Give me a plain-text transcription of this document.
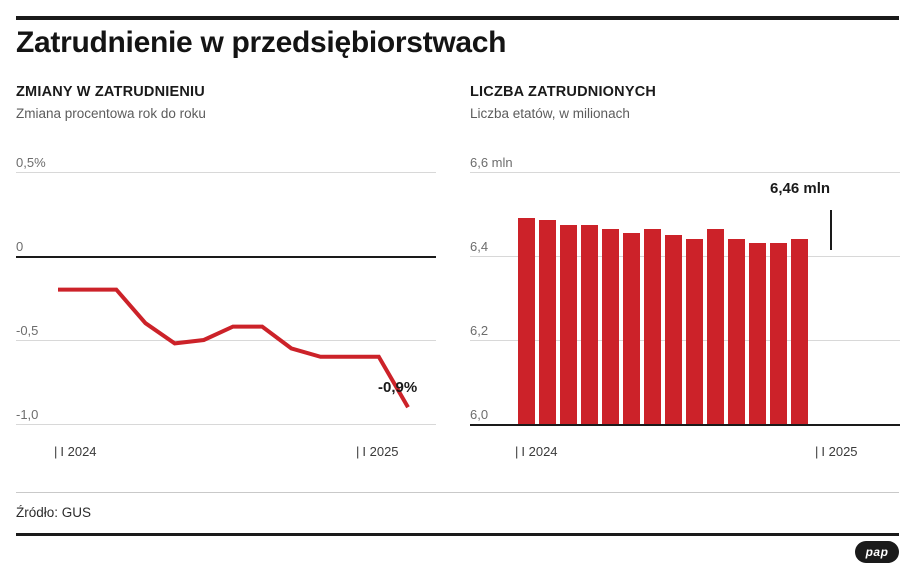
Zatrudnienie w przedsiębiorstwach
ZMIANY W ZATRUDNIENIU
Zmiana procentowa rok do roku
0,5%
0
-0,5
-1,0
-0,9%
| I 2024	| I 2025
LICZBA ZATRUDNIONYCH
Liczba etatów, w milionach
6,6 mln
6,4
6,2
6,0
6,46 mln
| I 2024	| I 2025
Źródło: GUS
pap
